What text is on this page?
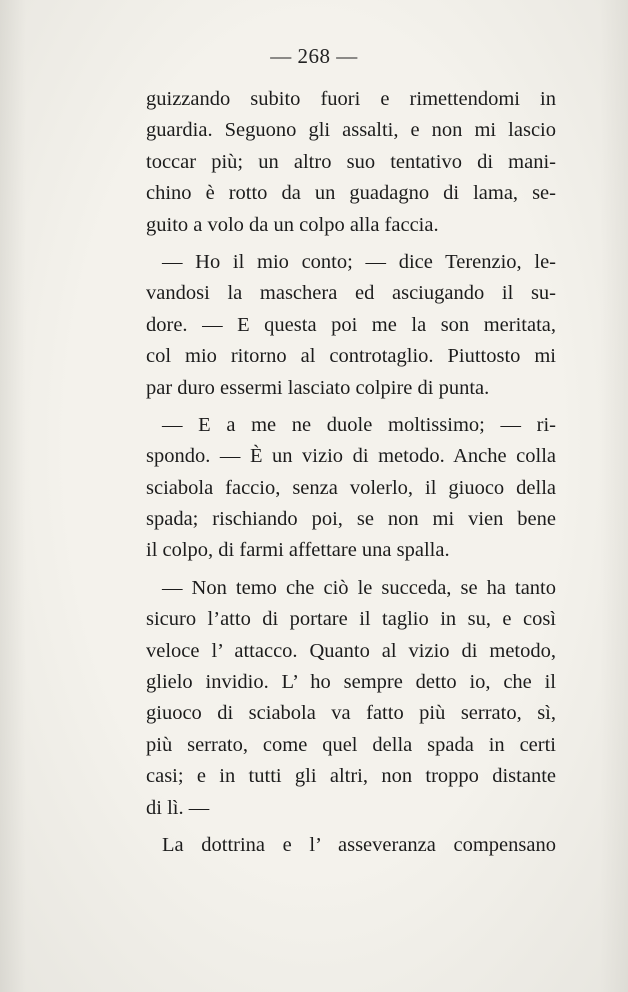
— 268 —
guizzando subito fuori e rimettendomi in
guardia. Seguono gli assalti, e non mi lascio
toccar più; un altro suo tentativo di mani-
chino è rotto da un guadagno di lama, se-
guito a volo da un colpo alla faccia.
— Ho il mio conto; — dice Terenzio, le-
vandosi la maschera ed asciugando il su-
dore. — E questa poi me la son meritata,
col mio ritorno al controtaglio. Piuttosto mi
par duro essermi lasciato colpire di punta.
— E a me ne duole moltissimo; — ri-
spondo. — È un vizio di metodo. Anche colla
sciabola faccio, senza volerlo, il giuoco della
spada; rischiando poi, se non mi vien bene
il colpo, di farmi affettare una spalla.
— Non temo che ciò le succeda, se ha tanto
sicuro l’atto di portare il taglio in su, e così
veloce l’ attacco. Quanto al vizio di metodo,
glielo invidio. L’ ho sempre detto io, che il
giuoco di sciabola va fatto più serrato, sì,
più serrato, come quel della spada in certi
casi; e in tutti gli altri, non troppo distante
di lì. —
La dottrina e l’ asseveranza compensano
